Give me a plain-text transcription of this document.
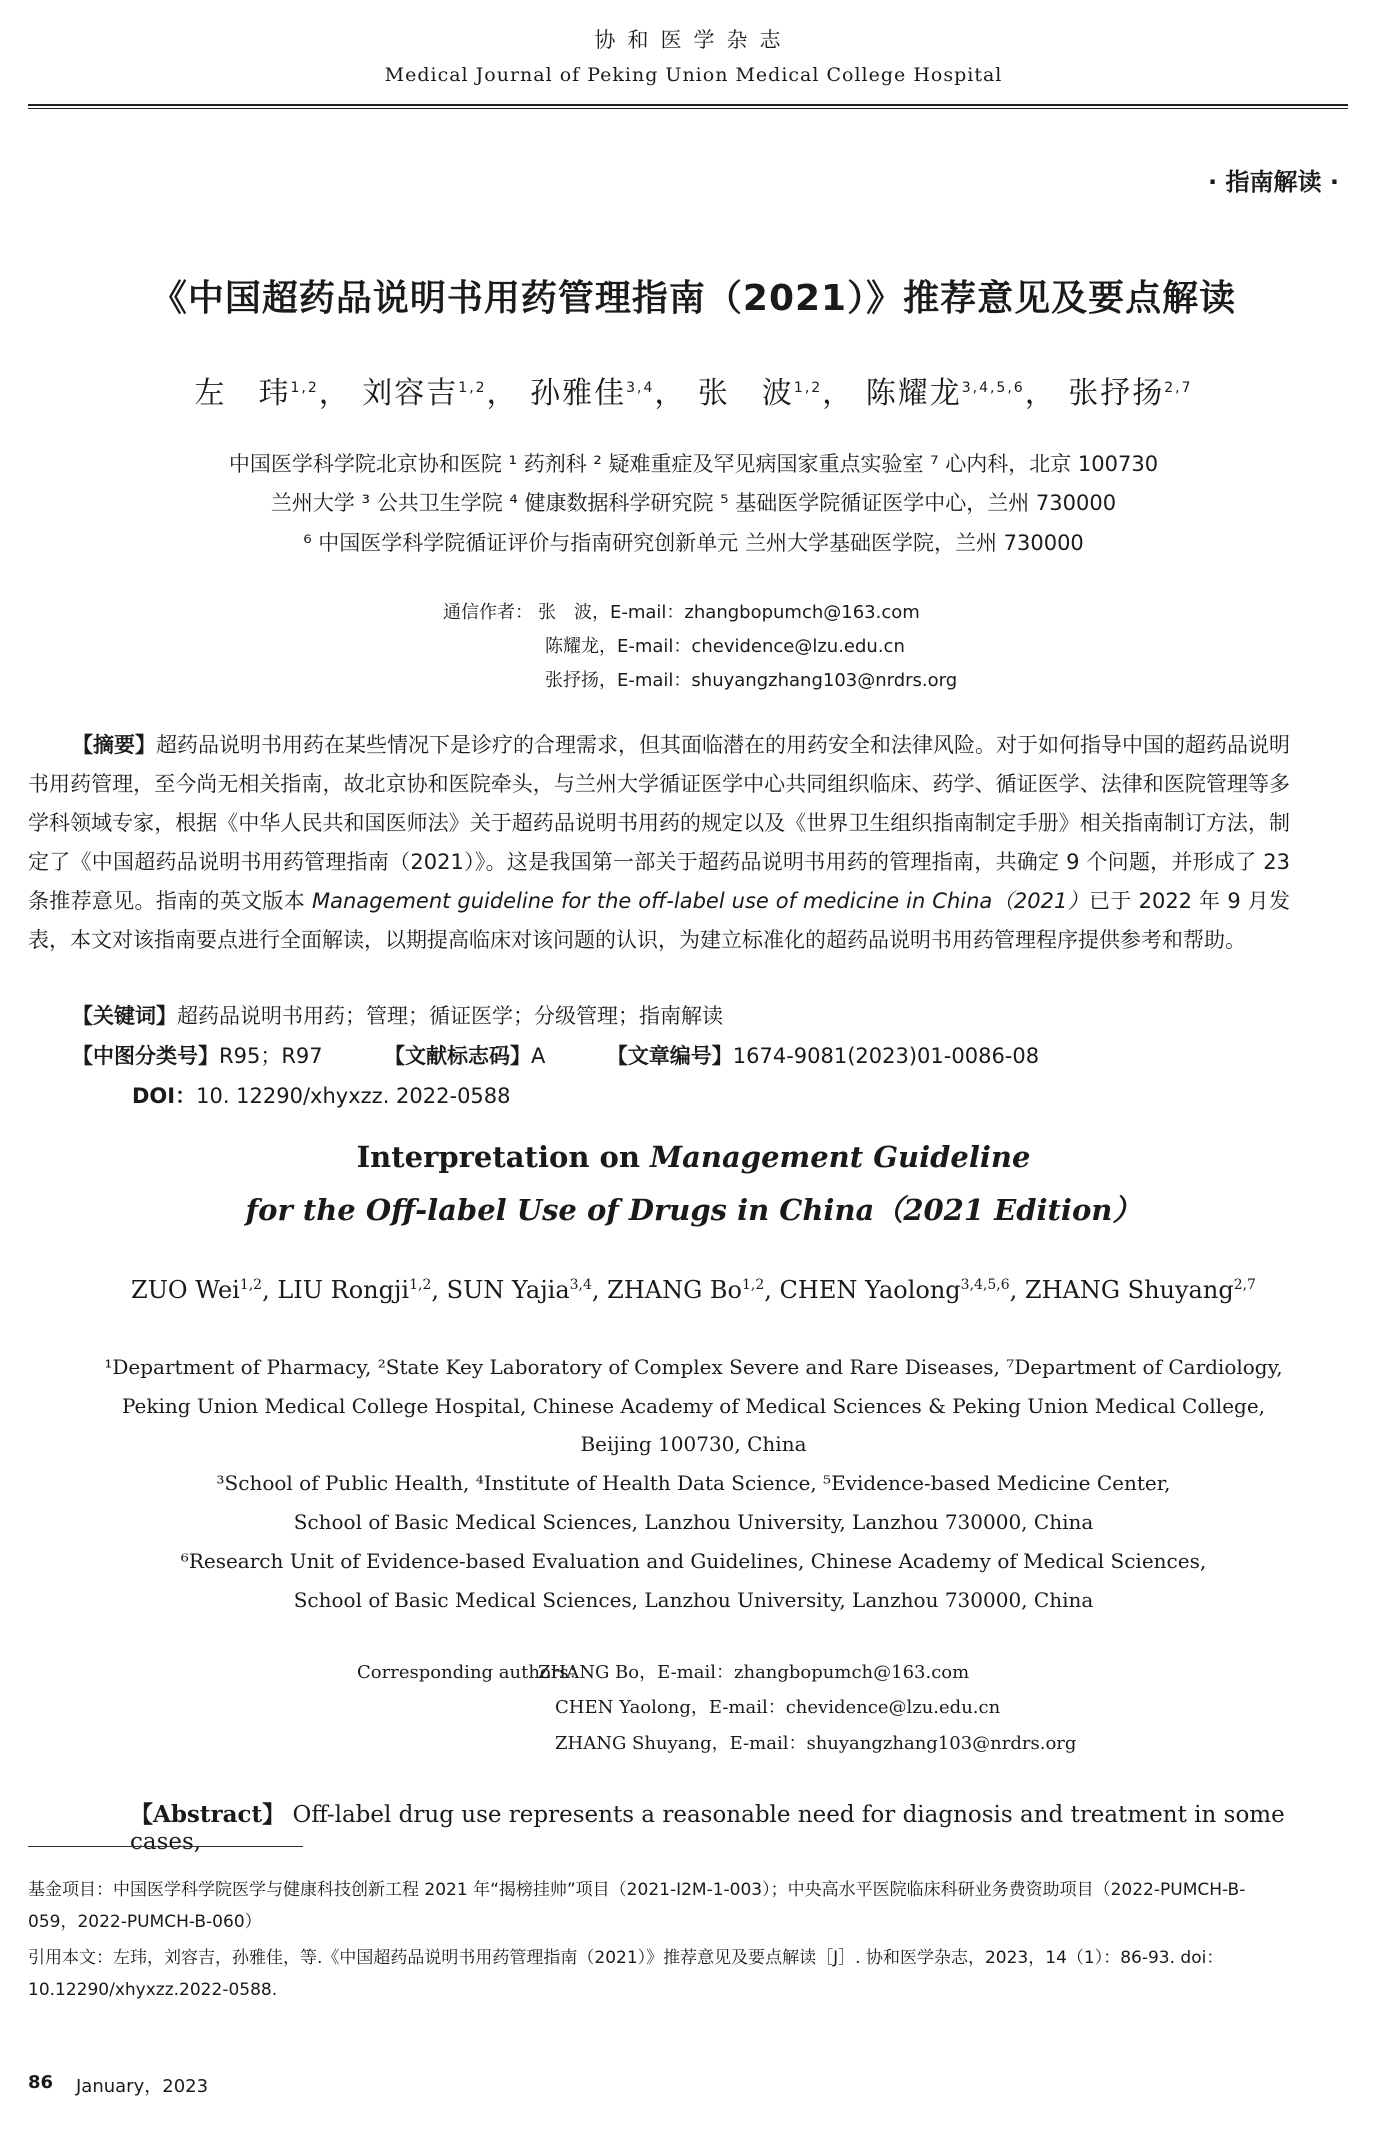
协和医学杂志
Medical Journal of Peking Union Medical College Hospital
· 指南解读 ·
《中国超药品说明书用药管理指南（2021）》推荐意见及要点解读
左　玮$^{1,2}$， 刘容吉$^{1,2}$， 孙雅佳$^{3,4}$， 张　波$^{1,2}$， 陈耀龙$^{3,4,5,6}$， 张抒扬$^{2,7}$
中国医学科学院北京协和医院 ¹ 药剂科 ² 疑难重症及罕见病国家重点实验室 ⁷ 心内科，北京 100730
兰州大学 ³ 公共卫生学院 ⁴ 健康数据科学研究院 ⁵ 基础医学院循证医学中心，兰州 730000
⁶ 中国医学科学院循证评价与指南研究创新单元 兰州大学基础医学院，兰州 730000
通信作者： 张　波，E-mail：zhangbopumch@163.com
陈耀龙，E-mail：chevidence@lzu.edu.cn
张抒扬，E-mail：shuyangzhang103@nrdrs.org
【摘要】超药品说明书用药在某些情况下是诊疗的合理需求，但其面临潜在的用药安全和法律风险。对于如何指导中国的超药品说明书用药管理，至今尚无相关指南，故北京协和医院牵头，与兰州大学循证医学中心共同组织临床、药学、循证医学、法律和医院管理等多学科领域专家，根据《中华人民共和国医师法》关于超药品说明书用药的规定以及《世界卫生组织指南制定手册》相关指南制订方法，制定了《中国超药品说明书用药管理指南（2021）》。这是我国第一部关于超药品说明书用药的管理指南，共确定 9 个问题，并形成了 23 条推荐意见。指南的英文版本 Management guideline for the off-label use of medicine in China（2021）已于 2022 年 9 月发表，本文对该指南要点进行全面解读，以期提高临床对该问题的认识，为建立标准化的超药品说明书用药管理程序提供参考和帮助。
【关键词】超药品说明书用药；管理；循证医学；分级管理；指南解读
【中图分类号】R95；R97	【文献标志码】A	【文章编号】1674-9081(2023)01-0086-08
DOI：10. 12290/xhyxzz. 2022-0588
Interpretation on Management Guideline
for the Off-label Use of Drugs in China（2021 Edition）
ZUO Wei$^{1,2}$, LIU Rongji$^{1,2}$, SUN Yajia$^{3,4}$, ZHANG Bo$^{1,2}$, CHEN Yaolong$^{3,4,5,6}$, ZHANG Shuyang$^{2,7}$
¹Department of Pharmacy, ²State Key Laboratory of Complex Severe and Rare Diseases, ⁷Department of Cardiology,
Peking Union Medical College Hospital, Chinese Academy of Medical Sciences & Peking Union Medical College,
Beijing 100730, China
³School of Public Health, ⁴Institute of Health Data Science, ⁵Evidence-based Medicine Center,
School of Basic Medical Sciences, Lanzhou University, Lanzhou 730000, China
⁶Research Unit of Evidence-based Evaluation and Guidelines, Chinese Academy of Medical Sciences,
School of Basic Medical Sciences, Lanzhou University, Lanzhou 730000, China
Corresponding authors：
ZHANG Bo，E-mail：zhangbopumch@163.com
CHEN Yaolong，E-mail：chevidence@lzu.edu.cn
ZHANG Shuyang，E-mail：shuyangzhang103@nrdrs.org
【Abstract】 Off-label drug use represents a reasonable need for diagnosis and treatment in some cases,
基金项目：中国医学科学院医学与健康科技创新工程 2021 年“揭榜挂帅”项目（2021-I2M-1-003）；中央高水平医院临床科研业务费资助项目（2022-PUMCH-B-059，2022-PUMCH-B-060）
引用本文：左玮，刘容吉，孙雅佳，等.《中国超药品说明书用药管理指南（2021）》推荐意见及要点解读［J］. 协和医学杂志，2023，14（1）：86-93. doi：10.12290/xhyxzz.2022-0588.
86 January，2023
